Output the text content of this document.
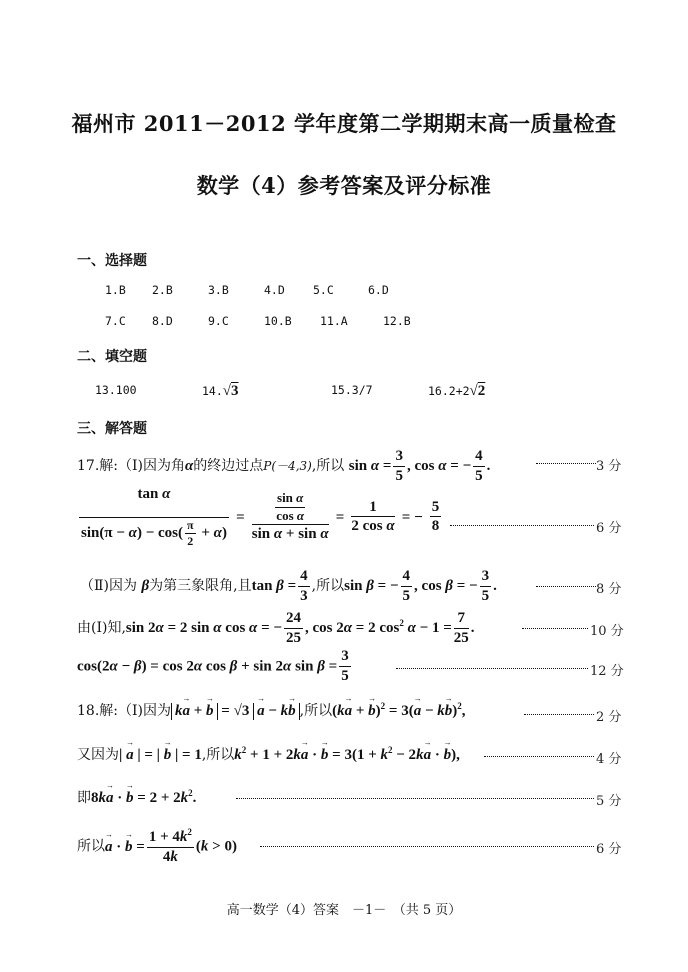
福州市 2011－2012 学年度第二学期期末高一质量检查
数学（4）参考答案及评分标准
一、选择题
1.B 2.B	3.B	4.D 5.C	6.D
7.C 8.D	9.C	10.B 11.A	12.B
二、填空题
13.100	14.√3	15.3/7	16.2+2√2
三、解答题
17.解:（Ⅰ)因为角α的终边过点P(－4,3),所以 $\sin \alpha = \frac{3}{5}$ , cos α = − $\frac{4}{5}$ .	3 分
$\frac{\text{tan α}}{\sin(\pi - \alpha) - \cos( \frac{\pi}{2} + \alpha)} = \frac{\frac{\text{sin α}}{\text{cos α}}}{\text{sin α + sin α}} = \frac{1}{\text{2 cos α}}$ = − $\frac{5}{8}$	6 分
（Ⅱ)因为 β为第三象限角,且$\tan \beta = \frac{4}{3}$ ,所以sin β = − $\frac{4}{5}$ , cos β = − $\frac{3}{5}$ .	8 分
由(Ⅰ)知,sin 2α = 2 sin α cos α = − $\frac{24}{25}$ , cos 2α = 2 $\cos^2 \alpha - 1 = \frac{7}{25}$ .	10 分
cos(2α − β) = cos 2α cos β + sin 2α $\sin \beta = \frac{3}{5}$	12 分
18.解:（Ⅰ)因为 k→ a + → b = √3 → a − k→ b ,所以(k→ a + → $b)^2 = 3(\to a - k\to b)^2$,	2 分
又因为| → a | = | → b | = 1,所以$k^2 + 1 + 2k\to a$ · → $b = 3(1 + k^2 - 2k\to a$ · → b),	4 分
即8k→ a · → $b = 2 + 2k^2$.	5 分
所以→ a · → $b = \frac{1 + 4k^2}{4k} (k > 0)$	6 分
高一数学（4）答案　－1－　（共 5 页）
